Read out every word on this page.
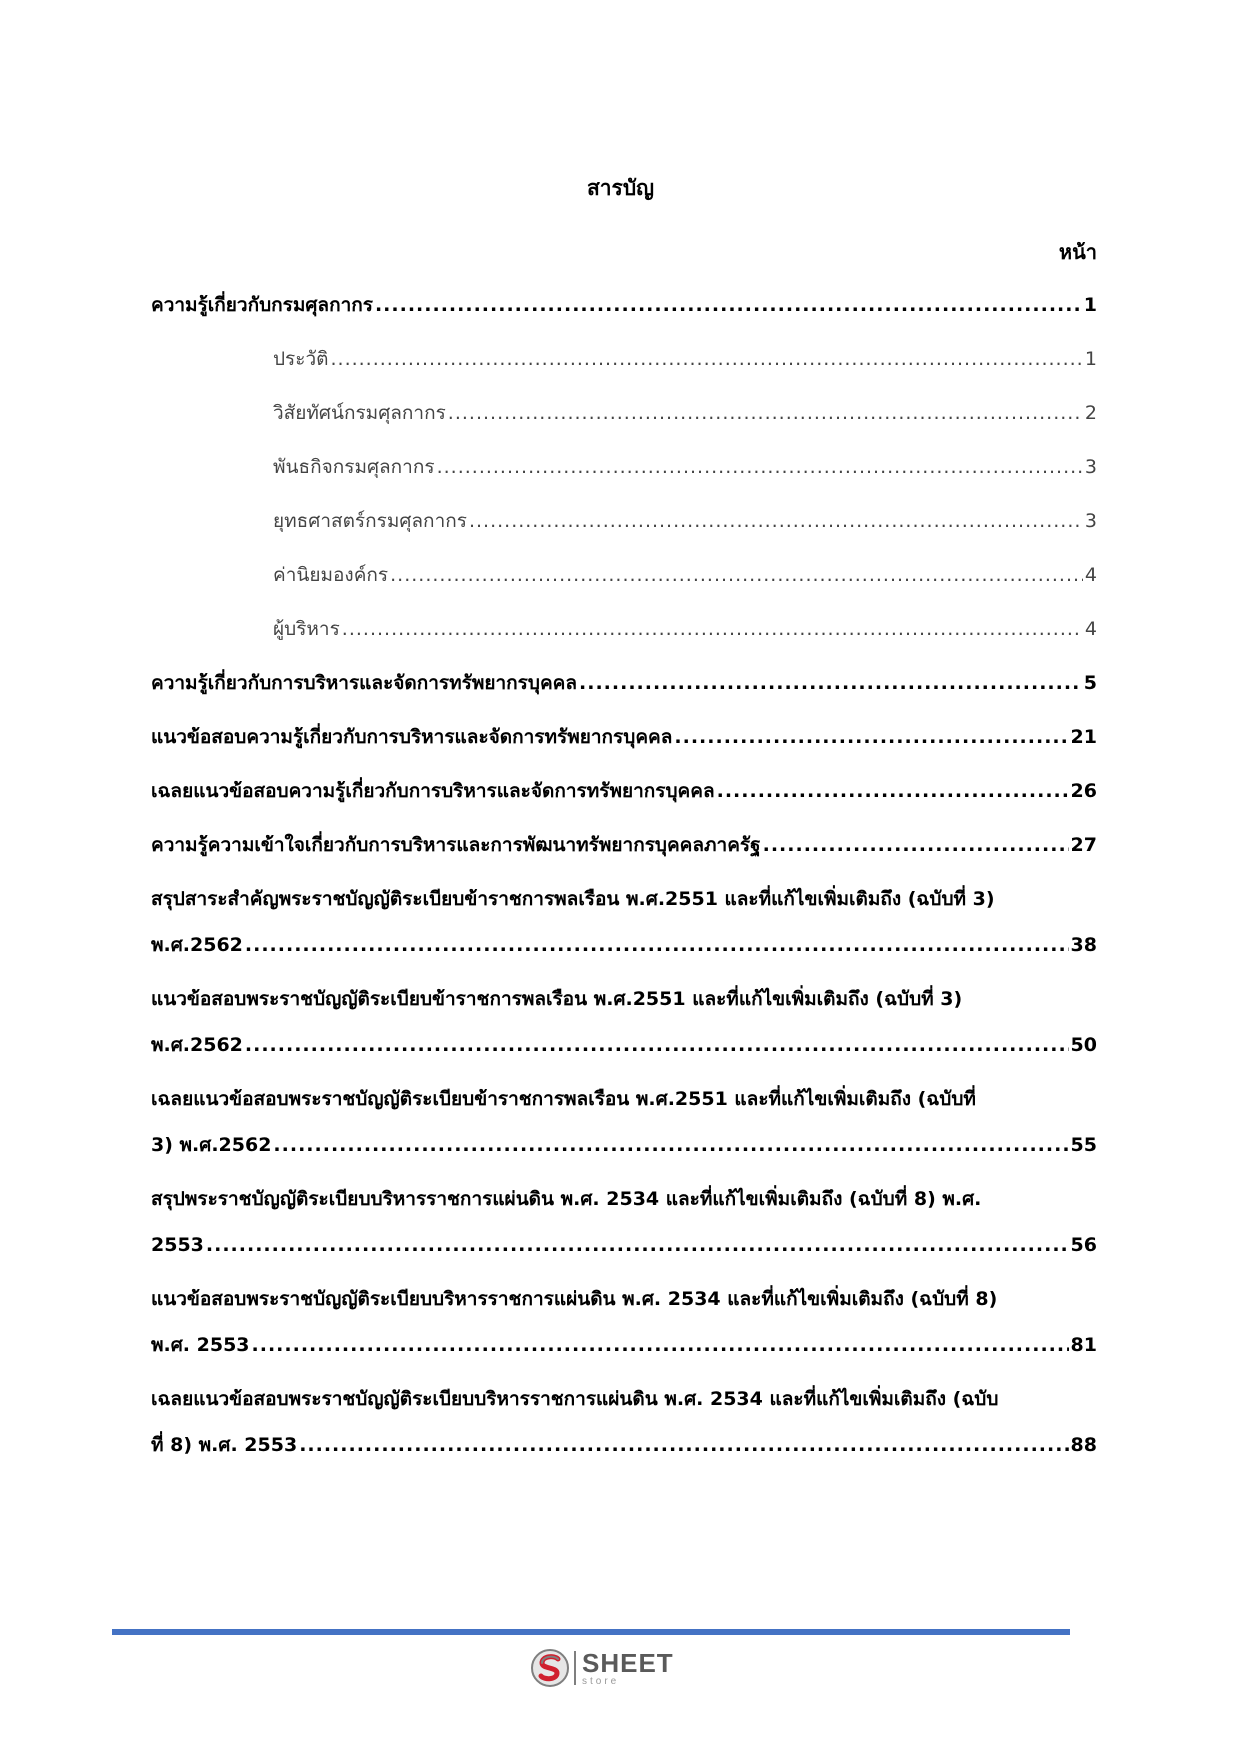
สารบัญ
หน้า
ความรู้เกี่ยวกับกรมศุลกากร .....	1
ประวัติ .....	1
วิสัยทัศน์กรมศุลกากร .....	2
พันธกิจกรมศุลกากร .....	3
ยุทธศาสตร์กรมศุลกากร .....	3
ค่านิยมองค์กร .....	4
ผู้บริหาร .....	4
ความรู้เกี่ยวกับการบริหารและจัดการทรัพยากรบุคคล .....	5
แนวข้อสอบความรู้เกี่ยวกับการบริหารและจัดการทรัพยากรบุคคล .....	21
เฉลยแนวข้อสอบความรู้เกี่ยวกับการบริหารและจัดการทรัพยากรบุคคล .....	26
ความรู้ความเข้าใจเกี่ยวกับการบริหารและการพัฒนาทรัพยากรบุคคลภาครัฐ .....	27
สรุปสาระสำคัญพระราชบัญญัติระเบียบข้าราชการพลเรือน พ.ศ.2551 และที่แก้ไขเพิ่มเติมถึง (ฉบับที่ 3)
พ.ศ.2562 .....	38
แนวข้อสอบพระราชบัญญัติระเบียบข้าราชการพลเรือน พ.ศ.2551 และที่แก้ไขเพิ่มเติมถึง (ฉบับที่ 3)
พ.ศ.2562 .....	50
เฉลยแนวข้อสอบพระราชบัญญัติระเบียบข้าราชการพลเรือน พ.ศ.2551 และที่แก้ไขเพิ่มเติมถึง (ฉบับที่
3) พ.ศ.2562 .....	55
สรุปพระราชบัญญัติระเบียบบริหารราชการแผ่นดิน พ.ศ. 2534 และที่แก้ไขเพิ่มเติมถึง (ฉบับที่ 8) พ.ศ.
2553 .....	56
แนวข้อสอบพระราชบัญญัติระเบียบบริหารราชการแผ่นดิน พ.ศ. 2534 และที่แก้ไขเพิ่มเติมถึง (ฉบับที่ 8)
พ.ศ. 2553 .....	81
เฉลยแนวข้อสอบพระราชบัญญัติระเบียบบริหารราชการแผ่นดิน พ.ศ. 2534 และที่แก้ไขเพิ่มเติมถึง (ฉบับ
ที่ 8) พ.ศ. 2553 .....	88
SHEET
store
